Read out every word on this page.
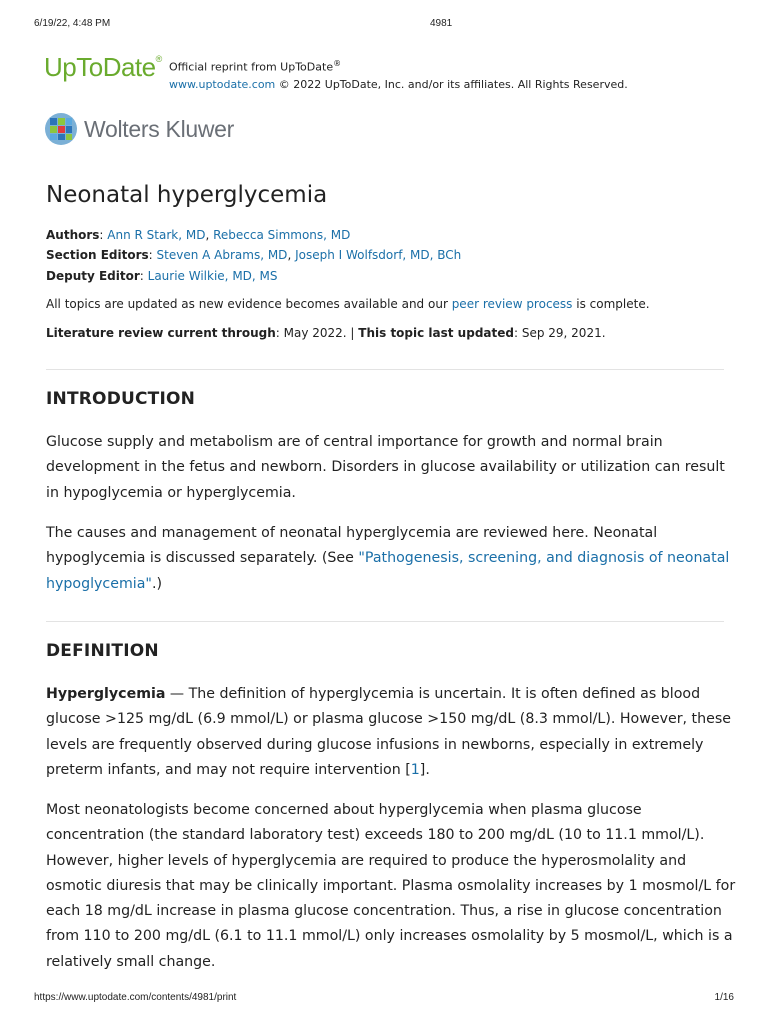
6/19/22, 4:48 PM	4981
UpToDate®
Official reprint from UpToDate®
www.uptodate.com © 2022 UpToDate, Inc. and/or its affiliates. All Rights Reserved.
Wolters Kluwer
Neonatal hyperglycemia
Authors: Ann R Stark, MD, Rebecca Simmons, MD
Section Editors: Steven A Abrams, MD, Joseph I Wolfsdorf, MD, BCh
Deputy Editor: Laurie Wilkie, MD, MS
All topics are updated as new evidence becomes available and our peer review process is complete.
Literature review current through: May 2022. | This topic last updated: Sep 29, 2021.
INTRODUCTION

Glucose supply and metabolism are of central importance for growth and normal brain development in the fetus and newborn. Disorders in glucose availability or utilization can result in hypoglycemia or hyperglycemia.

The causes and management of neonatal hyperglycemia are reviewed here. Neonatal hypoglycemia is discussed separately. (See "Pathogenesis, screening, and diagnosis of neonatal hypoglycemia".)

DEFINITION

Hyperglycemia — The definition of hyperglycemia is uncertain. It is often defined as blood glucose >125 mg/dL (6.9 mmol/L) or plasma glucose >150 mg/dL (8.3 mmol/L). However, these levels are frequently observed during glucose infusions in newborns, especially in extremely preterm infants, and may not require intervention [1].

Most neonatologists become concerned about hyperglycemia when plasma glucose concentration (the standard laboratory test) exceeds 180 to 200 mg/dL (10 to 11.1 mmol/L). However, higher levels of hyperglycemia are required to produce the hyperosmolality and osmotic diuresis that may be clinically important. Plasma osmolality increases by 1 mosmol/L for each 18 mg/dL increase in plasma glucose concentration. Thus, a rise in glucose concentration from 110 to 200 mg/dL (6.1 to 11.1 mmol/L) only increases osmolality by 5 mosmol/L, which is a relatively small change.

https://www.uptodate.com/contents/4981/print	1/16
